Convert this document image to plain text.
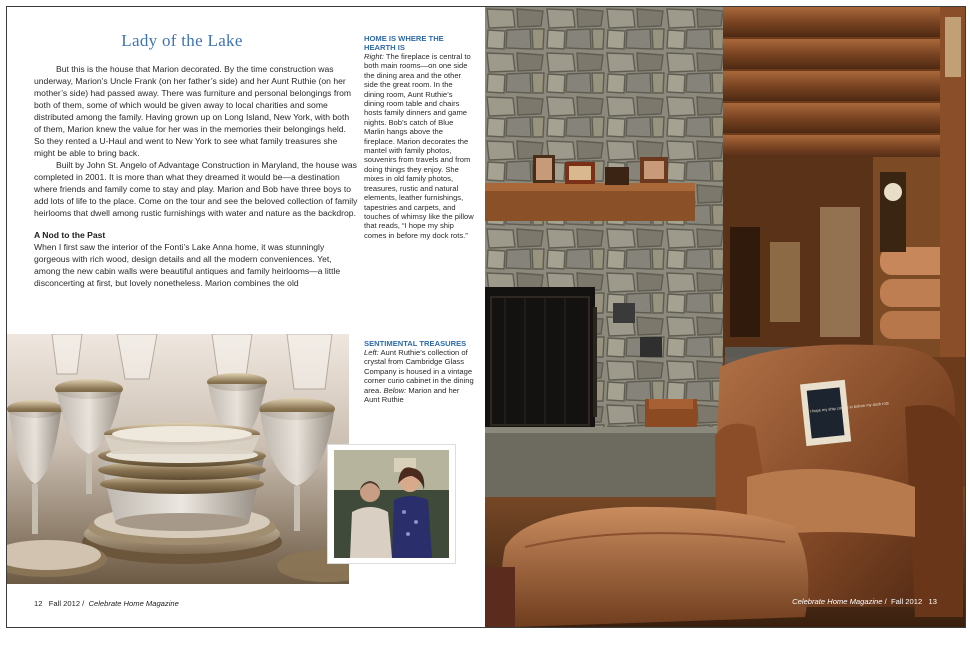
Lady of the Lake

But this is the house that Marion decorated. By the time construction was underway, Marion’s Uncle Frank (on her father’s side) and her Aunt Ruthie (on her mother’s side) had passed away. There was furniture and personal belongings from both of them, some of which would be given away to local charities and some distributed among the family. Having grown up on Long Island, New York, with both of them, Marion knew the value for her was in the memories their belongings held. So they rented a U-Haul and went to New York to see what family treasures she might be able to bring back.

Built by John St. Angelo of Advantage Construction in Maryland, the house was completed in 2001. It is more than what they dreamed it would be—a destination where friends and family come to stay and play. Marion and Bob have three boys to add lots of life to the place. Come on the tour and see the beloved collection of family heirlooms that dwell among rustic furnishings with water and nature as the backdrop.

A Nod to the Past

When I first saw the interior of the Fonti’s Lake Anna home, it was stunningly gorgeous with rich wood, design details and all the modern conveniences. Yet, among the new cabin walls were beautiful antiques and family heirlooms—a little disconcerting at first, but lovely nonetheless. Marion combines the old

HOME IS WHERE THE HEARTH IS

Right: The fireplace is central to both main rooms—on one side the dining area and the other side the great room. In the dining room, Aunt Ruthie’s dining room table and chairs hosts family dinners and game nights. Bob’s catch of Blue Marlin hangs above the fireplace. Marion decorates the mantel with family photos, souvenirs from travels and from doing things they enjoy. She mixes in old family photos, treasures, rustic and natural elements, leather furnishings, tapestries and carpets, and touches of whimsy like the pillow that reads, “I hope my ship comes in before my dock rots.”

SENTIMENTAL TREASURES

Left: Aunt Ruthie’s collection of crystal from Cambridge Glass Company is housed in a vintage corner curio cabinet in the dining area. Below: Marion and her Aunt Ruthie

12 Fall 2012 /  Celebrate Home Magazine
I hope my ship comes in before my dock rots
Celebrate Home Magazine /  Fall 2012 13
